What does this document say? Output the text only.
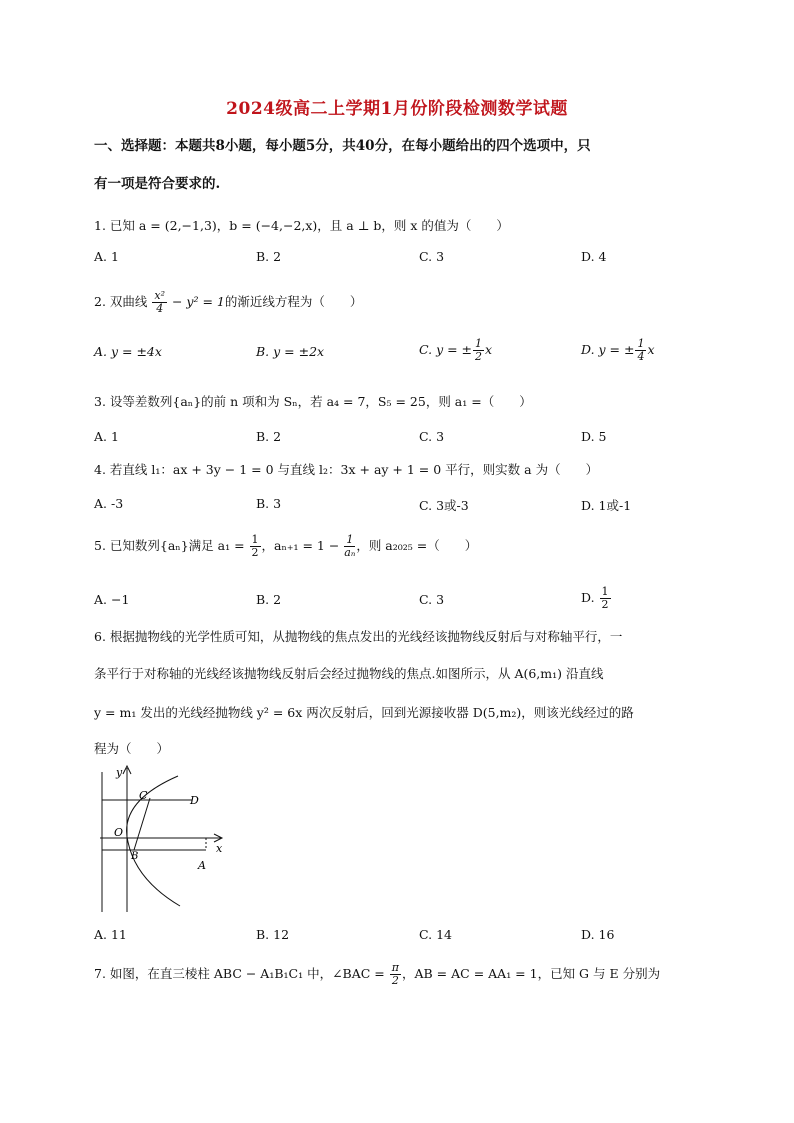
2024级高二上学期1月份阶段检测数学试题
一、选择题：本题共8小题，每小题5分，共40分，在每小题给出的四个选项中，只
有一项是符合要求的.
1. 已知 a = (2,−1,3)，b = (−4,−2,x)，且 a ⊥ b，则 x 的值为（　　）
A. 1	B. 2	C. 3	D. 4
2. 双曲线 $\frac{\text{x²}}{4} - y^2 = 1$的渐近线方程为（　　）
A. y = ±4x	B. y = ±2x	C. y = ± $\frac{1}{2}$ x	D. y = ± $\frac{1}{4}$ x
3. 设等差数列{aₙ}的前 n 项和为 Sₙ，若 a₄ = 7，S₅ = 25，则 a₁ =（　　）
A. 1	B. 2	C. 3	D. 5
4. 若直线 l₁：ax + 3y − 1 = 0 与直线 l₂：3x + ay + 1 = 0 平行，则实数 a 为（　　）
A. -3	B. 3	C. 3或-3	D. 1或-1
5. 已知数列{aₙ}满足 $a_1 = \frac{1}{2}$ ，$a_{n+1} = 1 - \frac{1}{\text{aₙ}}$ ，则 a₂₀₂₅ =（　　）
A. −1	B. 2	C. 3	D. $\frac{1}{2}$
6. 根据抛物线的光学性质可知，从抛物线的焦点发出的光线经该抛物线反射后与对称轴平行，一
条平行于对称轴的光线经该抛物线反射后会经过抛物线的焦点.如图所示，从 A(6,m₁) 沿直线
y = m₁ 发出的光线经抛物线 y² = 6x 两次反射后，回到光源接收器 D(5,m₂)，则该光线经过的路
程为（　　）
y
x
O
C	D
B
A
A. 11	B. 12	C. 14	D. 16
7. 如图，在直三棱柱 ABC − A₁B₁C₁ 中，∠BAC = $\frac{\pi}{2}$ ，AB = AC = AA₁ = 1，已知 G 与 E 分别为
